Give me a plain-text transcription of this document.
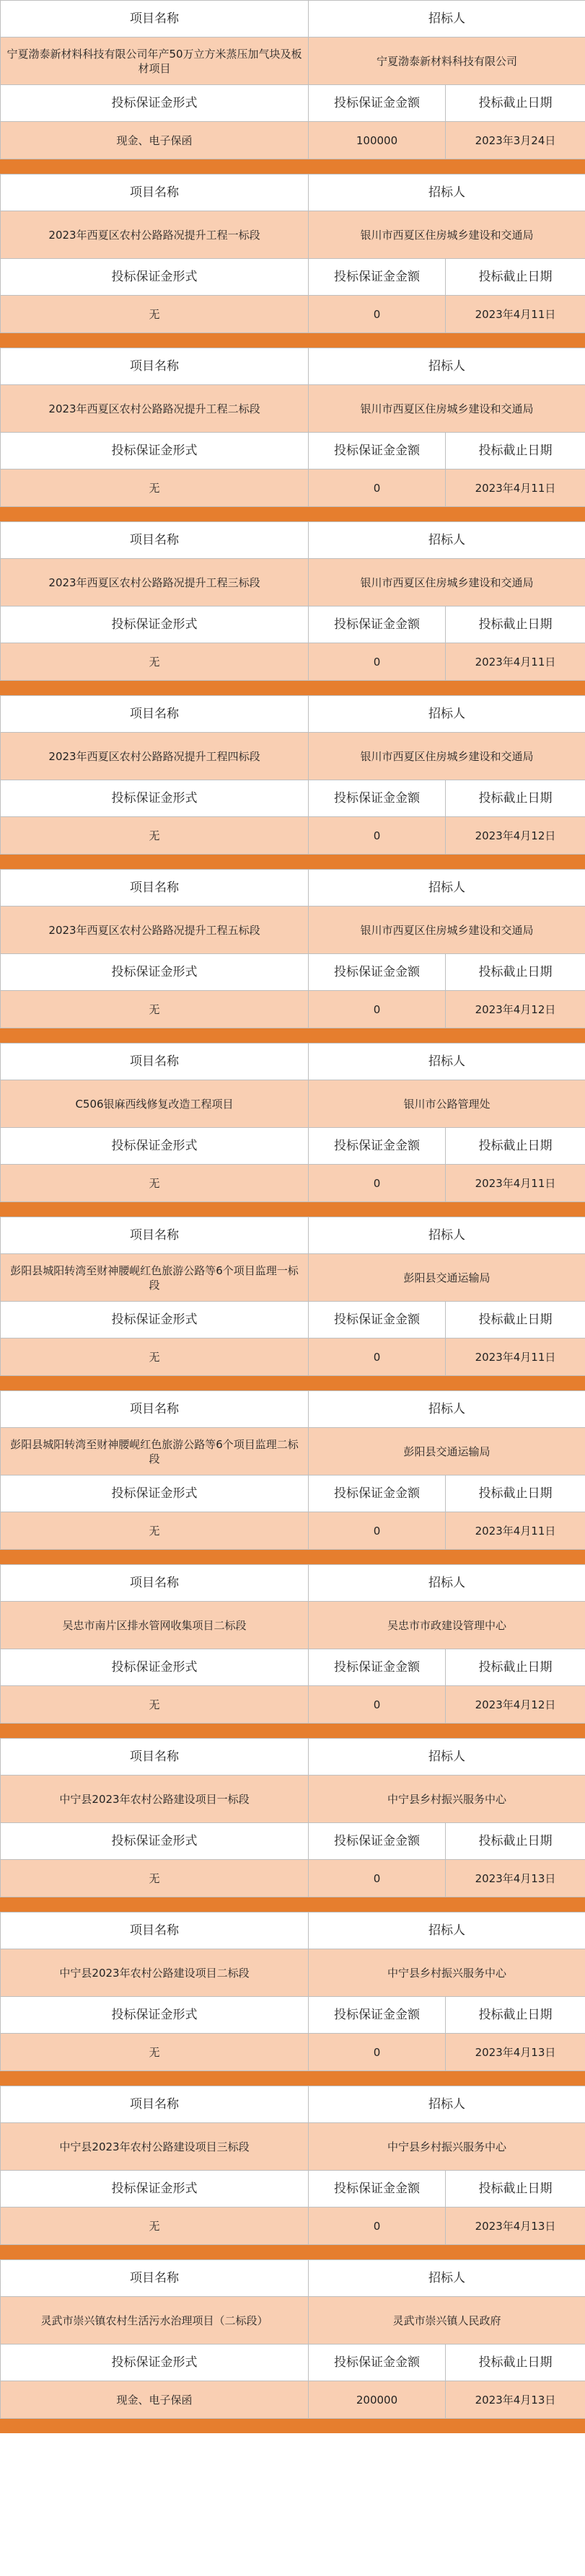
项目名称	招标人	
宁夏渤泰新材料科技有限公司年产50万立方米蒸压加气块及板材项目	宁夏渤泰新材料科技有限公司	
投标保证金形式	投标保证金金额	投标截止日期
现金、电子保函	100000	2023年3月24日
项目名称	招标人	
2023年西夏区农村公路路况提升工程一标段	银川市西夏区住房城乡建设和交通局	
投标保证金形式	投标保证金金额	投标截止日期
无	0	2023年4月11日
项目名称	招标人	
2023年西夏区农村公路路况提升工程二标段	银川市西夏区住房城乡建设和交通局	
投标保证金形式	投标保证金金额	投标截止日期
无	0	2023年4月11日
项目名称	招标人	
2023年西夏区农村公路路况提升工程三标段	银川市西夏区住房城乡建设和交通局	
投标保证金形式	投标保证金金额	投标截止日期
无	0	2023年4月11日
项目名称	招标人	
2023年西夏区农村公路路况提升工程四标段	银川市西夏区住房城乡建设和交通局	
投标保证金形式	投标保证金金额	投标截止日期
无	0	2023年4月12日
项目名称	招标人	
2023年西夏区农村公路路况提升工程五标段	银川市西夏区住房城乡建设和交通局	
投标保证金形式	投标保证金金额	投标截止日期
无	0	2023年4月12日
项目名称	招标人	
C506银麻西线修复改造工程项目	银川市公路管理处	
投标保证金形式	投标保证金金额	投标截止日期
无	0	2023年4月11日
项目名称	招标人	
彭阳县城阳转湾至财神腰岘红色旅游公路等6个项目监理一标段	彭阳县交通运输局	
投标保证金形式	投标保证金金额	投标截止日期
无	0	2023年4月11日
项目名称	招标人	
彭阳县城阳转湾至财神腰岘红色旅游公路等6个项目监理二标段	彭阳县交通运输局	
投标保证金形式	投标保证金金额	投标截止日期
无	0	2023年4月11日
项目名称	招标人	
吴忠市南片区排水管网收集项目二标段	吴忠市市政建设管理中心	
投标保证金形式	投标保证金金额	投标截止日期
无	0	2023年4月12日
项目名称	招标人	
中宁县2023年农村公路建设项目一标段	中宁县乡村振兴服务中心	
投标保证金形式	投标保证金金额	投标截止日期
无	0	2023年4月13日
项目名称	招标人	
中宁县2023年农村公路建设项目二标段	中宁县乡村振兴服务中心	
投标保证金形式	投标保证金金额	投标截止日期
无	0	2023年4月13日
项目名称	招标人	
中宁县2023年农村公路建设项目三标段	中宁县乡村振兴服务中心	
投标保证金形式	投标保证金金额	投标截止日期
无	0	2023年4月13日
项目名称	招标人	
灵武市崇兴镇农村生活污水治理项目（二标段）	灵武市崇兴镇人民政府	
投标保证金形式	投标保证金金额	投标截止日期
现金、电子保函	200000	2023年4月13日
